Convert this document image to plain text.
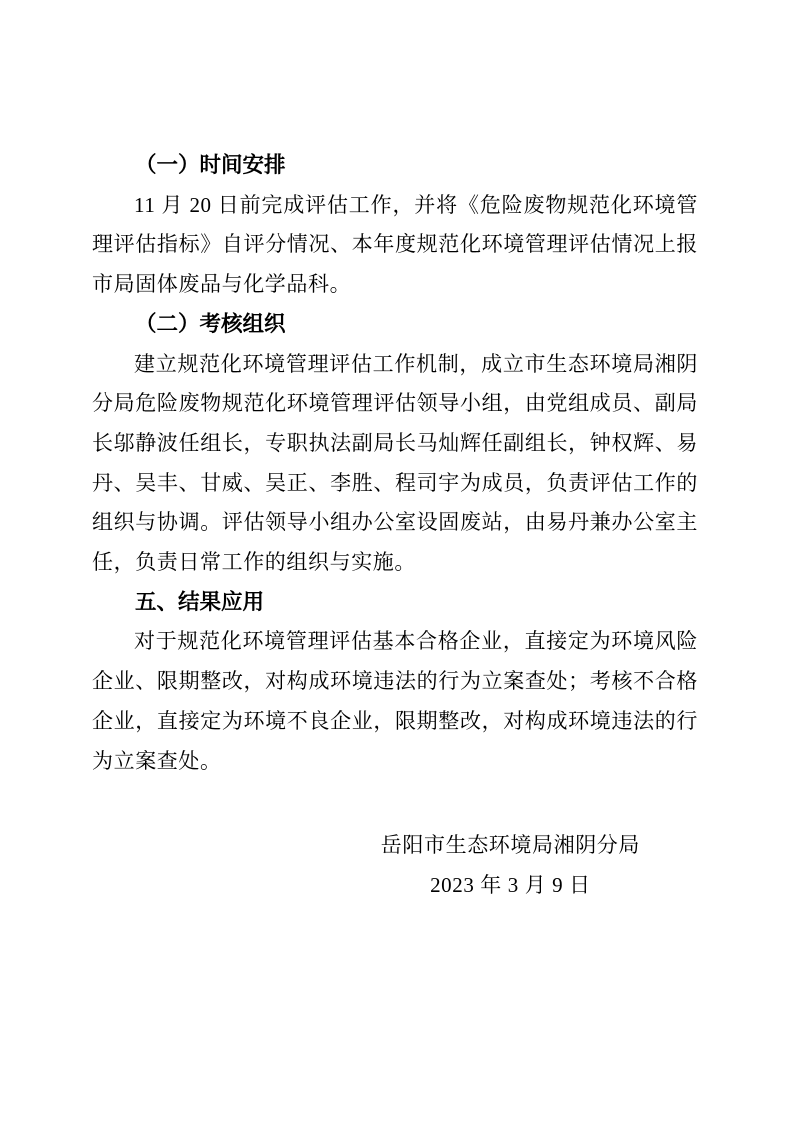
（一）时间安排

11 月 20 日前完成评估工作，并将《危险废物规范化环境管理评估指标》自评分情况、本年度规范化环境管理评估情况上报市局固体废品与化学品科。

（二）考核组织

建立规范化环境管理评估工作机制，成立市生态环境局湘阴分局危险废物规范化环境管理评估领导小组，由党组成员、副局长邬静波任组长，专职执法副局长马灿辉任副组长，钟权辉、易丹、吴丰、甘威、吴正、李胜、程司宇为成员，负责评估工作的组织与协调。评估领导小组办公室设固废站，由易丹兼办公室主任，负责日常工作的组织与实施。

五、结果应用

对于规范化环境管理评估基本合格企业，直接定为环境风险企业、限期整改，对构成环境违法的行为立案查处；考核不合格企业，直接定为环境不良企业，限期整改，对构成环境违法的行为立案查处。

岳阳市生态环境局湘阴分局
2023 年 3 月 9 日
